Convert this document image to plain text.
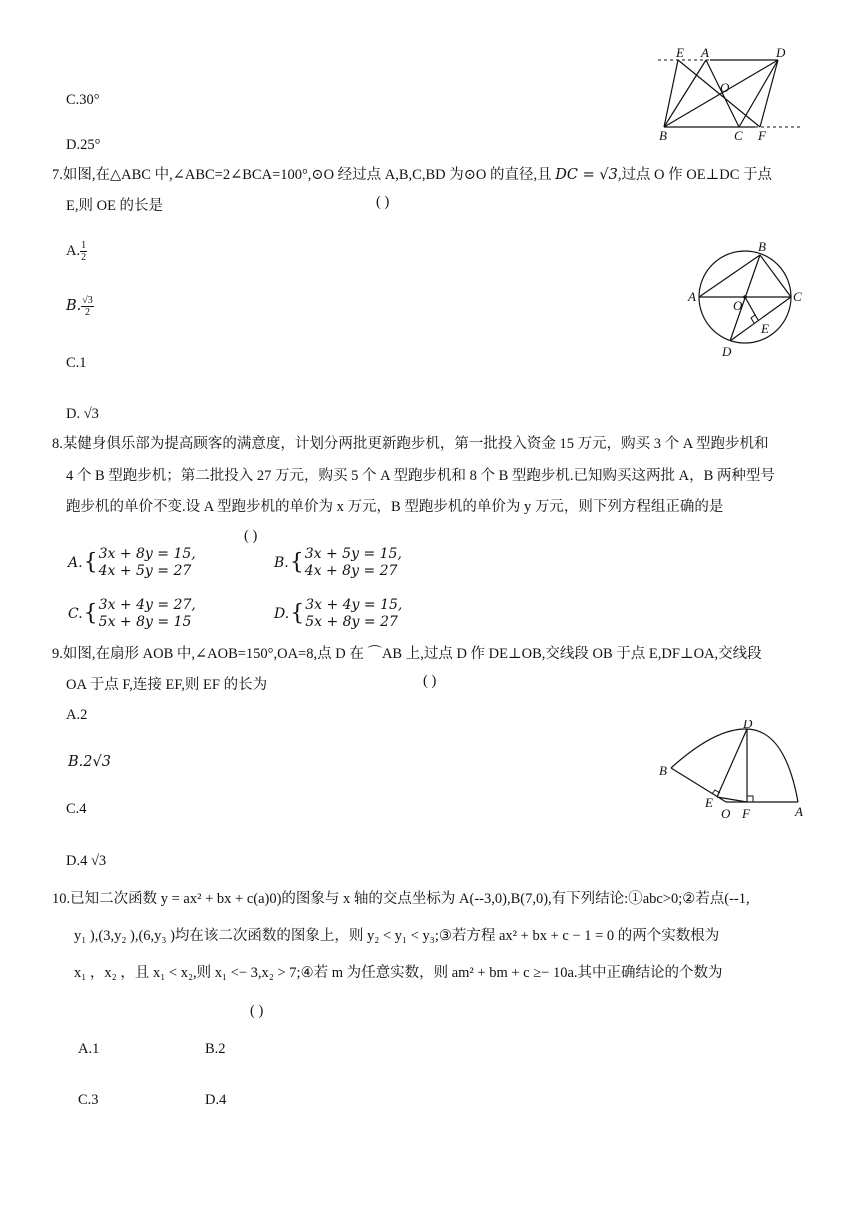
C.30°
D.25°
E A	D
O
B	C F
7.如图,在△ABC 中,∠ABC=2∠BCA=100°,⊙O 经过点 A,B,C,BD 为⊙O 的直径,且 DC = √3,过点 O 作 OE⊥DC 于点
E,则 OE 的长是	( )
A. $\frac{1}{2}$
B. $\frac{√3}{2}$
C.1
D. √3
A
B
C
O
E
D
8.某健身俱乐部为提高顾客的满意度，计划分两批更新跑步机，第一批投入资金 15 万元，购买 3 个 A 型跑步机和
4 个 B 型跑步机；第二批投入 27 万元，购买 5 个 A 型跑步机和 8 个 B 型跑步机.已知购买这两批 A，B 两种型号
跑步机的单价不变.设 A 型跑步机的单价为 x 万元，B 型跑步机的单价为 y 万元，则下列方程组正确的是
( )
A. { 3x + 8y = 15,
4x + 5y = 27	B. { 3x + 5y = 15,
4x + 8y = 27
C. { 3x + 4y = 27,
5x + 8y = 15	D. { 3x + 4y = 15,
5x + 8y = 27
9.如图,在扇形 AOB 中,∠AOB=150°,OA=8,点 D 在 ⌒AB 上,过点 D 作 DE⊥OB,交线段 OB 于点 E,DF⊥OA,交线段
OA 于点 F,连接 EF,则 EF 的长为	( )
A.2
B.2√3
C.4
D.4 √3
D
B
E
O F	A
10.已知二次函数 y = ax² + bx + c(a)0)的图象与 x 轴的交点坐标为 A(--3,0),B(7,0),有下列结论:①abc>0;②若点(--1,
y₁ ),(3,y₂ ),(6,y₃ )均在该二次函数的图象上，则 y₂ < y₁ < y₃;③若方程 ax² + bx + c − 1 = 0 的两个实数根为
x₁ ，x₂ ，且 x₁ < x₂,则 x₁ <− 3,x₂ > 7;④若 m 为任意实数，则 am² + bm + c ≥− 10a.其中正确结论的个数为
( )
A.1	B.2
C.3	D.4
